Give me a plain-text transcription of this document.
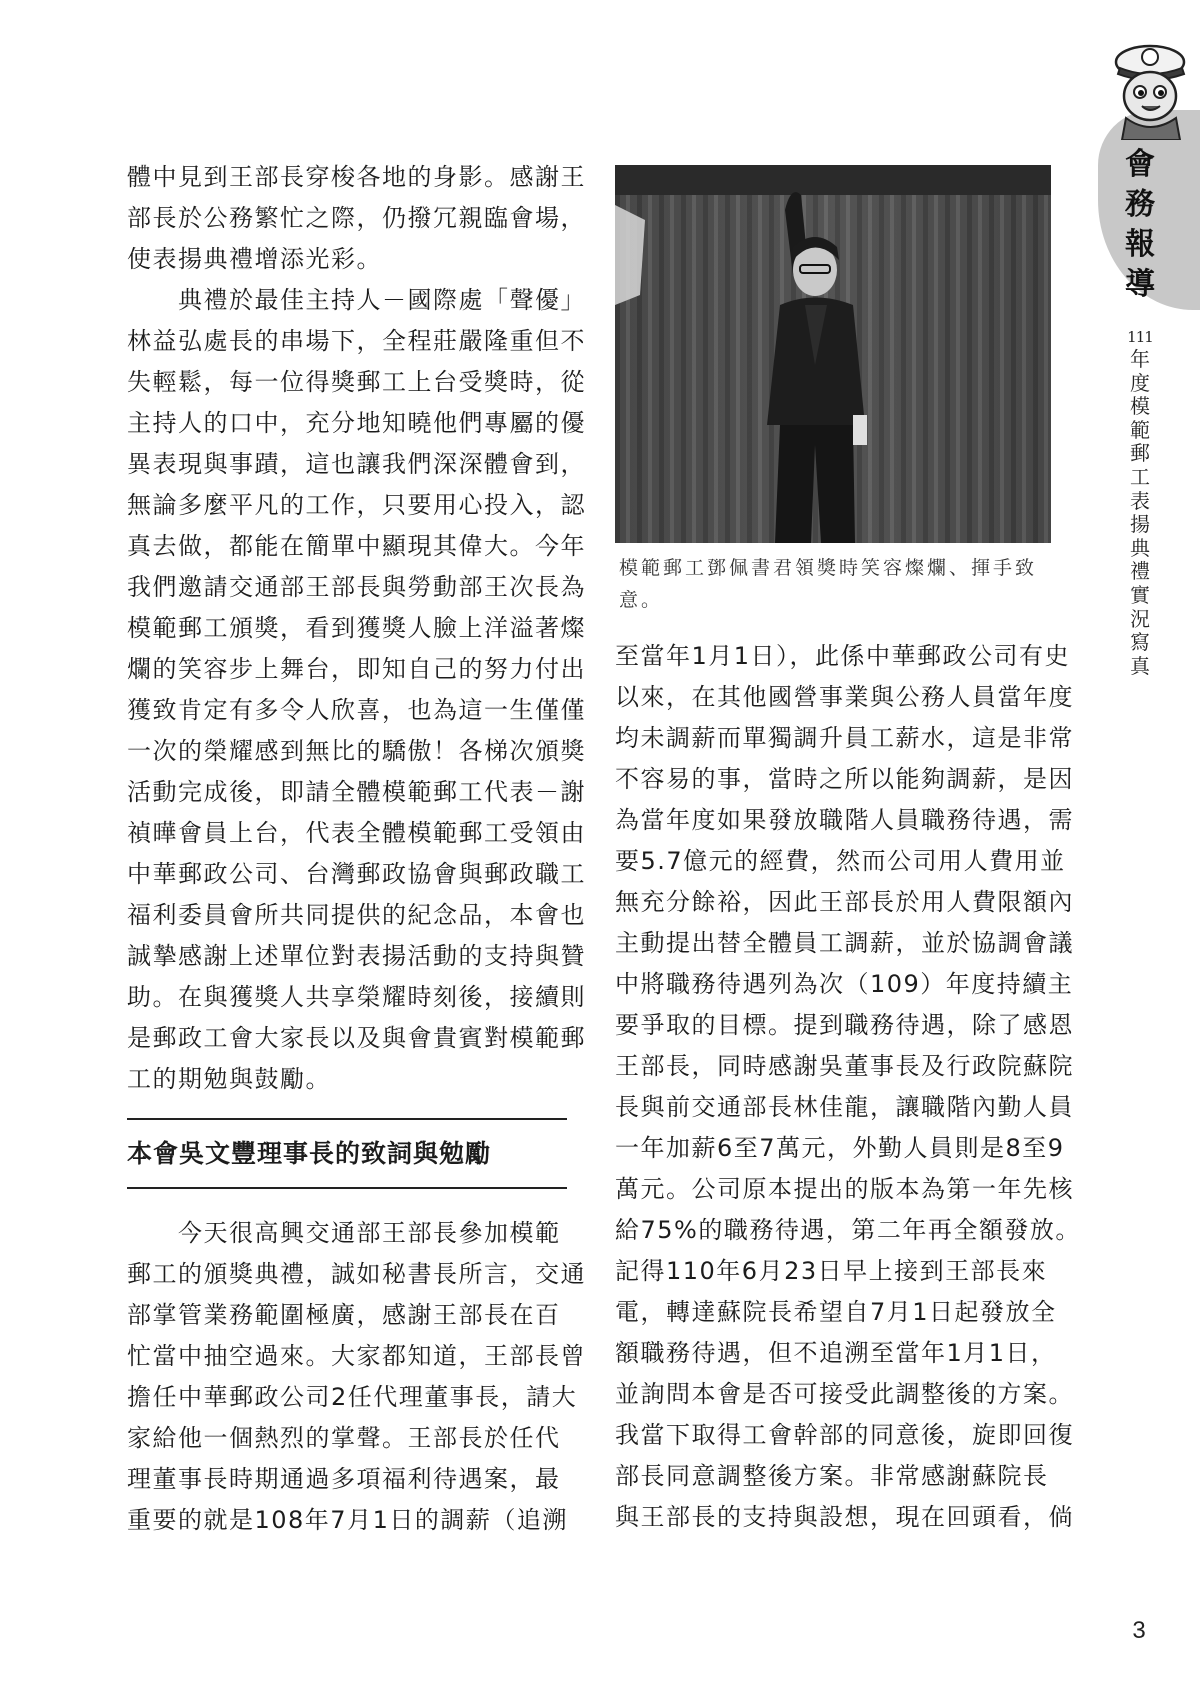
會務報導
111
年度模範郵工表揚典禮實況寫真
體中見到王部長穿梭各地的身影。感謝王
部長於公務繁忙之際，仍撥冗親臨會場，
使表揚典禮增添光彩。
　　典禮於最佳主持人－國際處「聲優」
林益弘處長的串場下，全程莊嚴隆重但不
失輕鬆，每一位得獎郵工上台受獎時，從
主持人的口中，充分地知曉他們專屬的優
異表現與事蹟，這也讓我們深深體會到，
無論多麼平凡的工作，只要用心投入，認
真去做，都能在簡單中顯現其偉大。今年
我們邀請交通部王部長與勞動部王次長為
模範郵工頒獎，看到獲獎人臉上洋溢著燦
爛的笑容步上舞台，即知自己的努力付出
獲致肯定有多令人欣喜，也為這一生僅僅
一次的榮耀感到無比的驕傲！各梯次頒獎
活動完成後，即請全體模範郵工代表－謝
禎曄會員上台，代表全體模範郵工受領由
中華郵政公司、台灣郵政協會與郵政職工
福利委員會所共同提供的紀念品，本會也
誠摯感謝上述單位對表揚活動的支持與贊
助。在與獲獎人共享榮耀時刻後，接續則
是郵政工會大家長以及與會貴賓對模範郵
工的期勉與鼓勵。
本會吳文豐理事長的致詞與勉勵
　　今天很高興交通部王部長參加模範
郵工的頒獎典禮，誠如秘書長所言，交通
部掌管業務範圍極廣，感謝王部長在百
忙當中抽空過來。大家都知道，王部長曾
擔任中華郵政公司2任代理董事長，請大
家給他一個熱烈的掌聲。王部長於任代
理董事長時期通過多項福利待遇案，最
重要的就是108年7月1日的調薪（追溯
模範郵工鄧佩書君領獎時笑容燦爛、揮手致
意。
至當年1月1日），此係中華郵政公司有史
以來，在其他國營事業與公務人員當年度
均未調薪而單獨調升員工薪水，這是非常
不容易的事，當時之所以能夠調薪，是因
為當年度如果發放職階人員職務待遇，需
要5.7億元的經費，然而公司用人費用並
無充分餘裕，因此王部長於用人費限額內
主動提出替全體員工調薪，並於協調會議
中將職務待遇列為次（109）年度持續主
要爭取的目標。提到職務待遇，除了感恩
王部長，同時感謝吳董事長及行政院蘇院
長與前交通部長林佳龍，讓職階內勤人員
一年加薪6至7萬元，外勤人員則是8至9
萬元。公司原本提出的版本為第一年先核
給75%的職務待遇，第二年再全額發放。
記得110年6月23日早上接到王部長來
電，轉達蘇院長希望自7月1日起發放全
額職務待遇，但不追溯至當年1月1日，
並詢問本會是否可接受此調整後的方案。
我當下取得工會幹部的同意後，旋即回復
部長同意調整後方案。非常感謝蘇院長
與王部長的支持與設想，現在回頭看，倘
3
